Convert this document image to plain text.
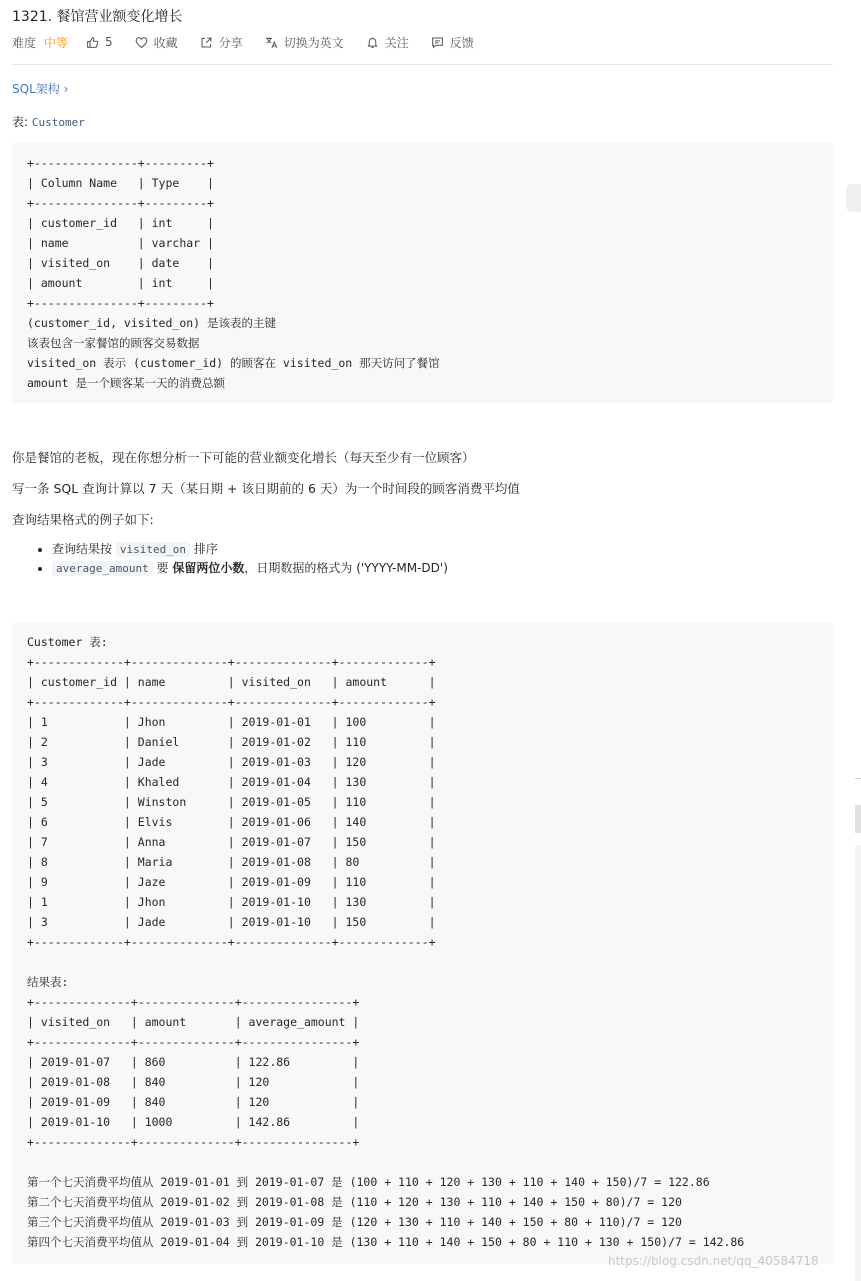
1321. 餐馆营业额变化增长
难度 中等	5	收藏	分享	切换为英文	关注	反馈
SQL架构 ›
表: Customer
+---------------+---------+
| Column Name   | Type    |
+---------------+---------+
| customer_id   | int     |
| name          | varchar |
| visited_on    | date    |
| amount        | int     |
+---------------+---------+
(customer_id, visited_on) 是该表的主键
该表包含一家餐馆的顾客交易数据
visited_on 表示 (customer_id) 的顾客在 visited_on 那天访问了餐馆
amount 是一个顾客某一天的消费总额
你是餐馆的老板，现在你想分析一下可能的营业额变化增长（每天至少有一位顾客）
写一条 SQL 查询计算以 7 天（某日期 + 该日期前的 6 天）为一个时间段的顾客消费平均值
查询结果格式的例子如下:
• 查询结果按 visited_on 排序
• average_amount 要 保留两位小数，日期数据的格式为 ('YYYY-MM-DD')
Customer 表:
+-------------+--------------+--------------+-------------+
| customer_id | name         | visited_on   | amount      |
+-------------+--------------+--------------+-------------+
| 1           | Jhon         | 2019-01-01   | 100         |
| 2           | Daniel       | 2019-01-02   | 110         |
| 3           | Jade         | 2019-01-03   | 120         |
| 4           | Khaled       | 2019-01-04   | 130         |
| 5           | Winston      | 2019-01-05   | 110         |
| 6           | Elvis        | 2019-01-06   | 140         |
| 7           | Anna         | 2019-01-07   | 150         |
| 8           | Maria        | 2019-01-08   | 80          |
| 9           | Jaze         | 2019-01-09   | 110         |
| 1           | Jhon         | 2019-01-10   | 130         |
| 3           | Jade         | 2019-01-10   | 150         |
+-------------+--------------+--------------+-------------+

结果表:
+--------------+--------------+----------------+
| visited_on   | amount       | average_amount |
+--------------+--------------+----------------+
| 2019-01-07   | 860          | 122.86         |
| 2019-01-08   | 840          | 120            |
| 2019-01-09   | 840          | 120            |
| 2019-01-10   | 1000         | 142.86         |
+--------------+--------------+----------------+

第一个七天消费平均值从 2019-01-01 到 2019-01-07 是 (100 + 110 + 120 + 130 + 110 + 140 + 150)/7 = 122.86
第二个七天消费平均值从 2019-01-02 到 2019-01-08 是 (110 + 120 + 130 + 110 + 140 + 150 + 80)/7 = 120
第三个七天消费平均值从 2019-01-03 到 2019-01-09 是 (120 + 130 + 110 + 140 + 150 + 80 + 110)/7 = 120
第四个七天消费平均值从 2019-01-04 到 2019-01-10 是 (130 + 110 + 140 + 150 + 80 + 110 + 130 + 150)/7 = 142.86
https://blog.csdn.net/qq_40584718
